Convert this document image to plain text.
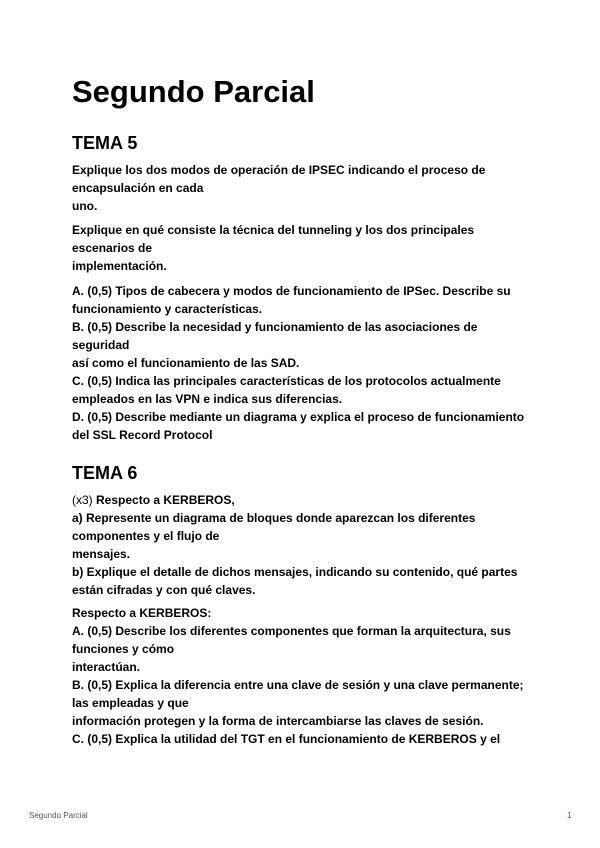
Segundo Parcial
TEMA 5
Explique los dos modos de operación de IPSEC indicando el proceso de
encapsulación en cada
uno.
Explique en qué consiste la técnica del tunneling y los dos principales
escenarios de
implementación.
A. (0,5) Tipos de cabecera y modos de funcionamiento de IPSec. Describe su
funcionamiento y características.
B. (0,5) Describe la necesidad y funcionamiento de las asociaciones de
seguridad
así como el funcionamiento de las SAD.
C. (0,5) Indica las principales características de los protocolos actualmente
empleados en las VPN e indica sus diferencias.
D. (0,5) Describe mediante un diagrama y explica el proceso de funcionamiento
del SSL Record Protocol
TEMA 6
(x3) Respecto a KERBEROS,
a) Represente un diagrama de bloques donde aparezcan los diferentes
componentes y el flujo de
mensajes.
b) Explique el detalle de dichos mensajes, indicando su contenido, qué partes
están cifradas y con qué claves.
Respecto a KERBEROS:
A. (0,5) Describe los diferentes componentes que forman la arquitectura, sus
funciones y cómo
interactúan.
B. (0,5) Explica la diferencia entre una clave de sesión y una clave permanente;
las empleadas y que
información protegen y la forma de intercambiarse las claves de sesión.
C. (0,5) Explica la utilidad del TGT en el funcionamiento de KERBEROS y el
Segundo Parcial	1
